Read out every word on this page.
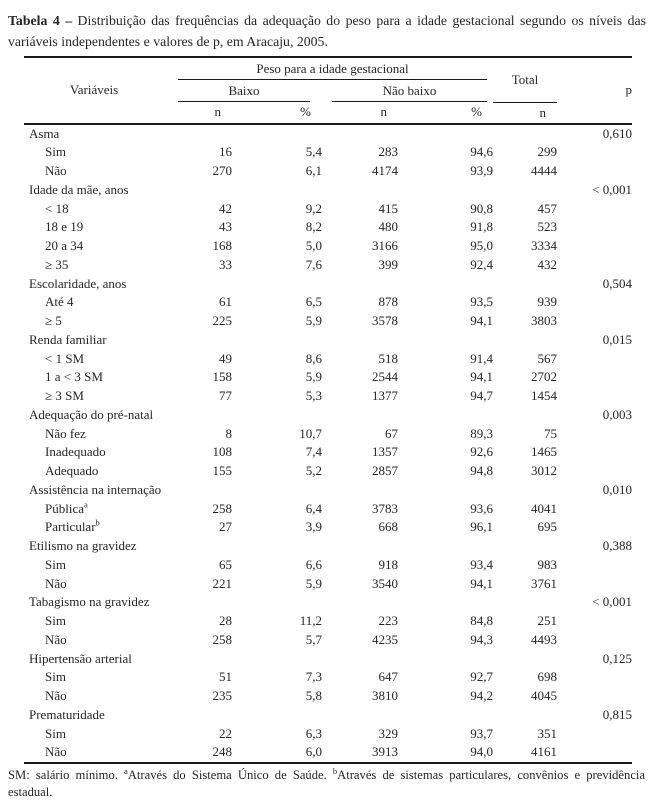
Tabela 4 – Distribuição das frequências da adequação do peso para a idade gestacional segundo os níveis das variáveis independentes e valores de p, em Aracaju, 2005.

Variáveis	Peso para a idade gestacional				Total	p

	Baixo		Não baixo			

	n	%	n	%	n	
Asma						0,610
Sim	16	5,4	283	94,6	299	
Não	270	6,1	4174	93,9	4444	
Idade da mãe, anos						< 0,001
< 18	42	9,2	415	90,8	457	
18 e 19	43	8,2	480	91,8	523	
20 a 34	168	5,0	3166	95,0	3334	
≥ 35	33	7,6	399	92,4	432	
Escolaridade, anos						0,504
Até 4	61	6,5	878	93,5	939	
≥ 5	225	5,9	3578	94,1	3803	
Renda familiar						0,015
< 1 SM	49	8,6	518	91,4	567	
1 a < 3 SM	158	5,9	2544	94,1	2702	
≥ 3 SM	77	5,3	1377	94,7	1454	
Adequação do pré-natal						0,003
Não fez	8	10,7	67	89,3	75	
Inadequado	108	7,4	1357	92,6	1465	
Adequado	155	5,2	2857	94,8	3012	
Assistência na internação						0,010
Pública$^a$	258	6,4	3783	93,6	4041	
Particular$^b$	27	3,9	668	96,1	695	
Etilismo na gravidez						0,388
Sim	65	6,6	918	93,4	983	
Não	221	5,9	3540	94,1	3761	
Tabagismo na gravidez						< 0,001
Sim	28	11,2	223	84,8	251	
Não	258	5,7	4235	94,3	4493	
Hipertensão arterial						0,125
Sim	51	7,3	647	92,7	698	
Não	235	5,8	3810	94,2	4045	
Prematuridade						0,815
Sim	22	6,3	329	93,7	351	
Não	248	6,0	3913	94,0	4161	

SM: salário mínimo. $^a$Através do Sistema Único de Saúde. $^b$Através de sistemas particulares, convênios e previdência estadual.
